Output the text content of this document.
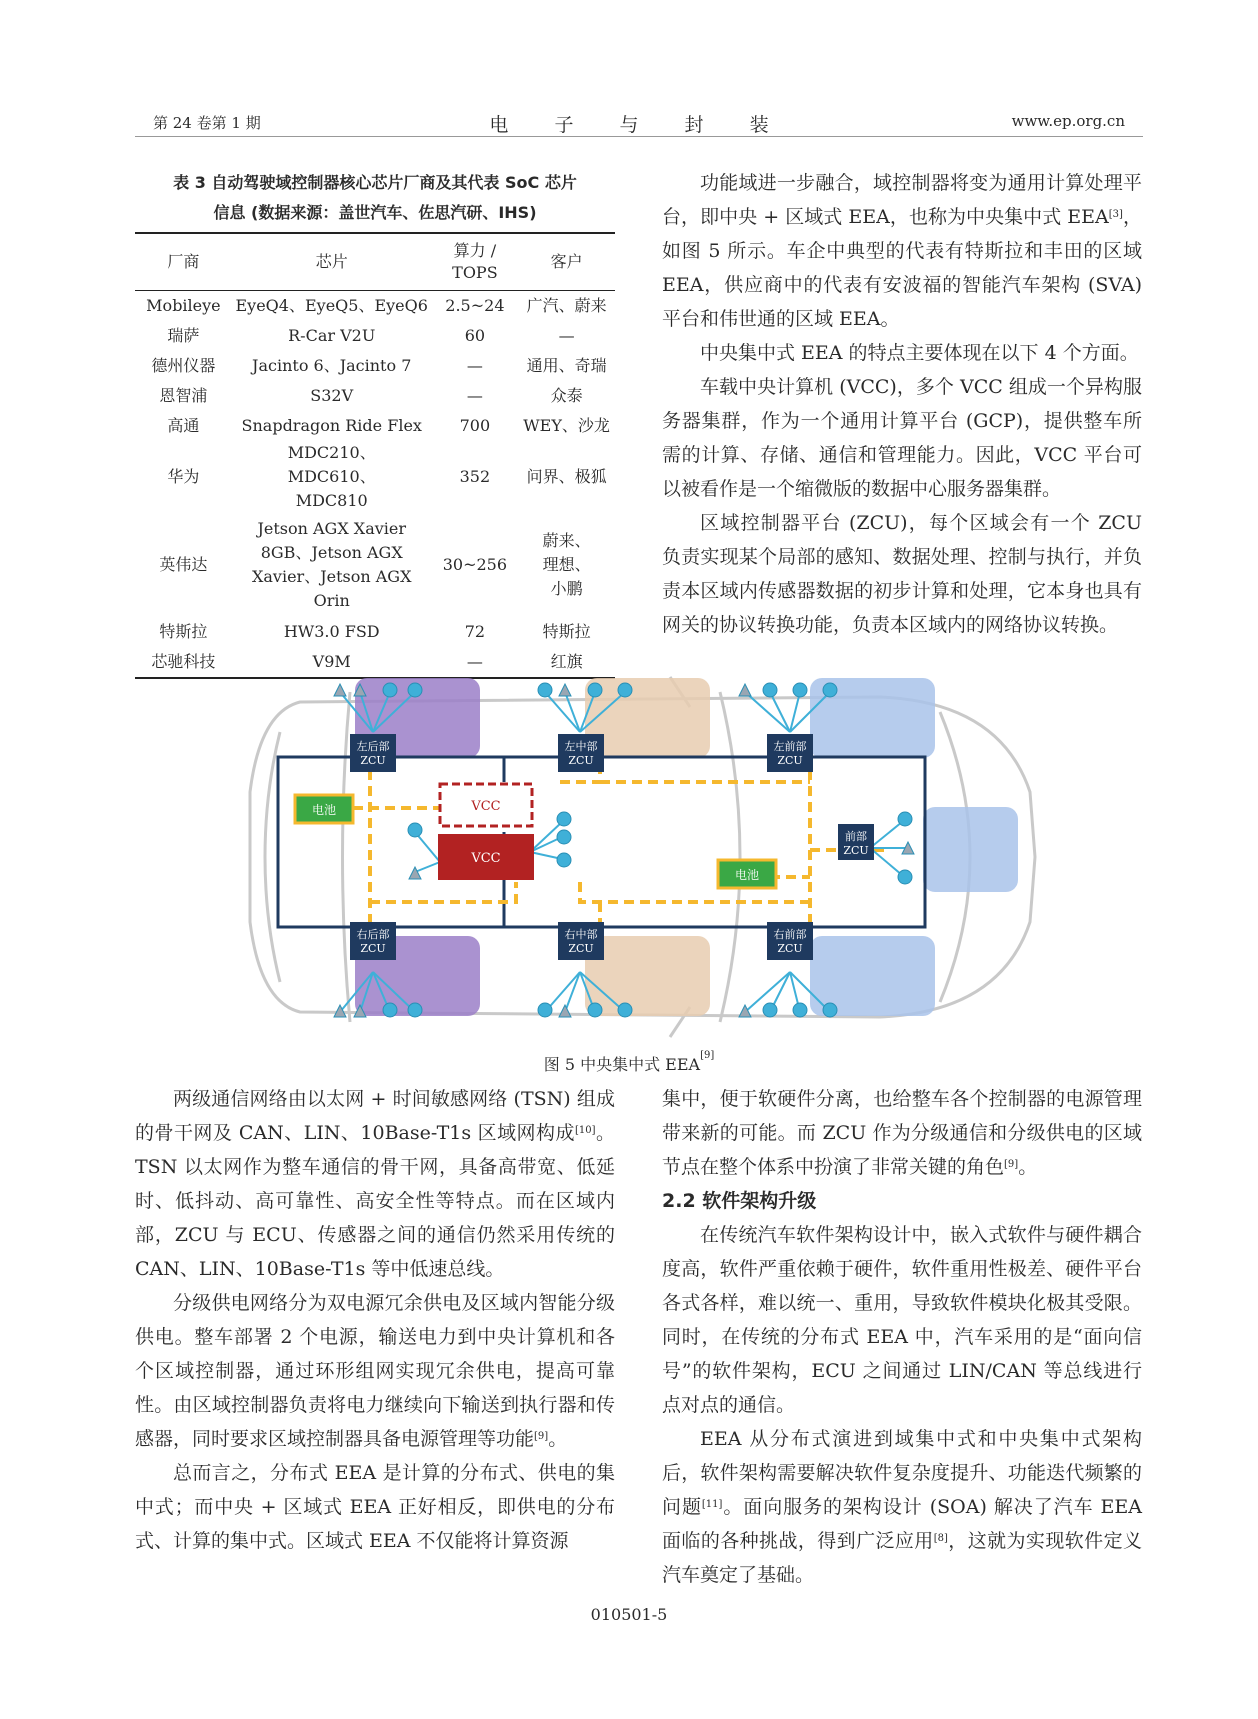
第 24 卷第 1 期	电 子 与 封 装	www.ep.org.cn
表 3 自动驾驶域控制器核心芯片厂商及其代表 SoC 芯片
信息 (数据来源：盖世汽车、佐思汽研、IHS)
厂商	芯片	算力 / TOPS	客户
Mobileye	EyeQ4、EyeQ5、EyeQ6	2.5~24	广汽、蔚来
瑞萨	R-Car V2U	60	—
德州仪器	Jacinto 6、Jacinto 7	—	通用、奇瑞
恩智浦	S32V	—	众泰
高通	Snapdragon Ride Flex	700	WEY、沙龙
华为	MDC210、MDC610、MDC810	352	问界、极狐
英伟达	Jetson AGX Xavier 8GB、Jetson AGX Xavier、Jetson AGX Orin	30~256	蔚来、理想、小鹏
特斯拉	HW3.0 FSD	72	特斯拉
芯驰科技	V9M	—	红旗

功能域进一步融合，域控制器将变为通用计算处理平台，即中央 + 区域式 EEA，也称为中央集中式 EEA[3]，如图 5 所示。车企中典型的代表有特斯拉和丰田的区域 EEA，供应商中的代表有安波福的智能汽车架构 (SVA) 平台和伟世通的区域 EEA。

中央集中式 EEA 的特点主要体现在以下 4 个方面。

车载中央计算机 (VCC)，多个 VCC 组成一个异构服务器集群，作为一个通用计算平台 (GCP)，提供整车所需的计算、存储、通信和管理能力。因此，VCC 平台可以被看作是一个缩微版的数据中心服务器集群。

区域控制器平台 (ZCU)，每个区域会有一个 ZCU 负责实现某个局部的感知、数据处理、控制与执行，并负责本区域内传感器数据的初步计算和处理，它本身也具有网关的协议转换功能，负责本区域内的网络协议转换。

左后部
ZCU
左中部
ZCU
左前部
ZCU
前部
ZCU
右后部
ZCU
右中部
ZCU
右前部
ZCU
电池
电池
VCC
VCC
图 5 中央集中式 EEA[9]

两级通信网络由以太网 + 时间敏感网络 (TSN) 组成的骨干网及 CAN、LIN、10Base-T1s 区域网构成[10]。TSN 以太网作为整车通信的骨干网，具备高带宽、低延时、低抖动、高可靠性、高安全性等特点。而在区域内部，ZCU 与 ECU、传感器之间的通信仍然采用传统的 CAN、LIN、10Base-T1s 等中低速总线。

分级供电网络分为双电源冗余供电及区域内智能分级供电。整车部署 2 个电源，输送电力到中央计算机和各个区域控制器，通过环形组网实现冗余供电，提高可靠性。由区域控制器负责将电力继续向下输送到执行器和传感器，同时要求区域控制器具备电源管理等功能[9]。

总而言之，分布式 EEA 是计算的分布式、供电的集中式；而中央 + 区域式 EEA 正好相反，即供电的分布式、计算的集中式。区域式 EEA 不仅能将计算资源

集中，便于软硬件分离，也给整车各个控制器的电源管理带来新的可能。而 ZCU 作为分级通信和分级供电的区域节点在整个体系中扮演了非常关键的角色[9]。

2.2 软件架构升级

在传统汽车软件架构设计中，嵌入式软件与硬件耦合度高，软件严重依赖于硬件，软件重用性极差、硬件平台各式各样，难以统一、重用，导致软件模块化极其受限。同时，在传统的分布式 EEA 中，汽车采用的是“面向信号”的软件架构，ECU 之间通过 LIN/CAN 等总线进行点对点的通信。

EEA 从分布式演进到域集中式和中央集中式架构后，软件架构需要解决软件复杂度提升、功能迭代频繁的问题[11]。面向服务的架构设计 (SOA) 解决了汽车 EEA 面临的各种挑战，得到广泛应用[8]，这就为实现软件定义汽车奠定了基础。

010501-5
